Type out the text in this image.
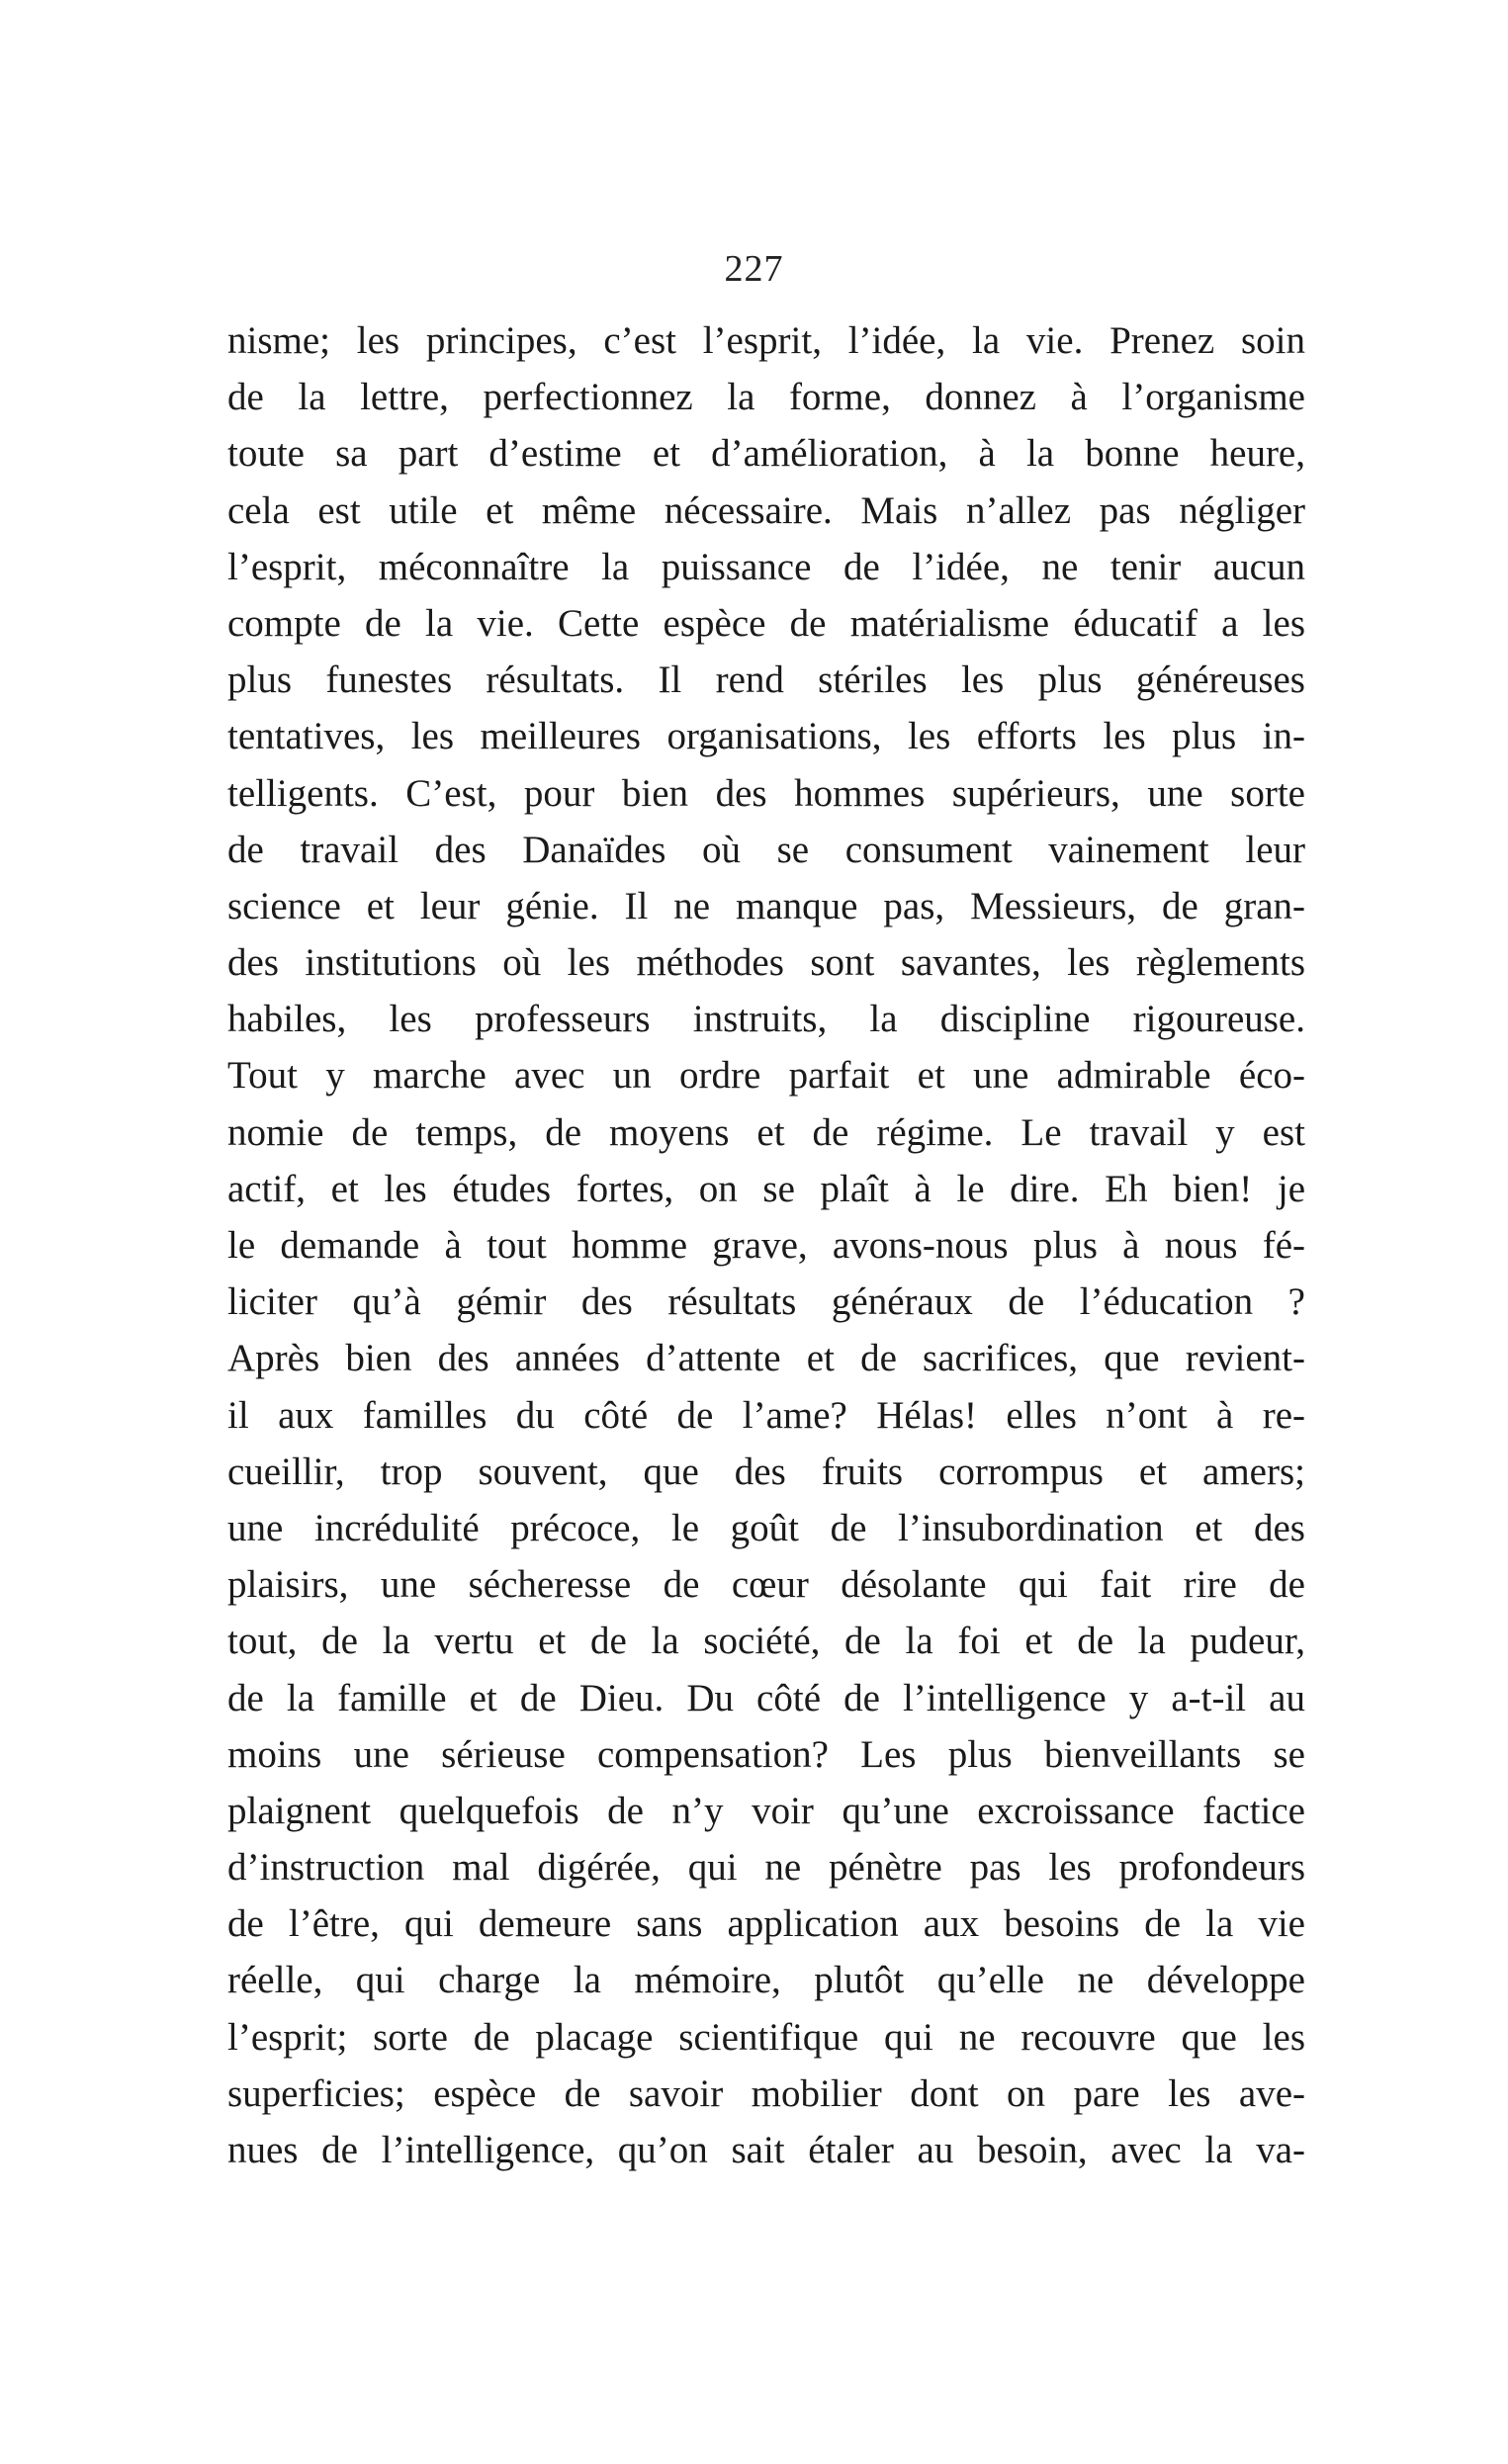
227
nisme; les principes, c’est l’esprit, l’idée, la vie. Prenez soin
de la lettre, perfectionnez la forme, donnez à l’organisme
toute sa part d’estime et d’amélioration, à la bonne heure,
cela est utile et même nécessaire. Mais n’allez pas négliger
l’esprit, méconnaître la puissance de l’idée, ne tenir aucun
compte de la vie. Cette espèce de matérialisme éducatif a les
plus funestes résultats. Il rend stériles les plus généreuses
tentatives, les meilleures organisations, les efforts les plus in-
telligents. C’est, pour bien des hommes supérieurs, une sorte
de travail des Danaïdes où se consument vainement leur
science et leur génie. Il ne manque pas, Messieurs, de gran-
des institutions où les méthodes sont savantes, les règlements
habiles, les professeurs instruits, la discipline rigoureuse.
Tout y marche avec un ordre parfait et une admirable éco-
nomie de temps, de moyens et de régime. Le travail y est
actif, et les études fortes, on se plaît à le dire. Eh bien! je
le demande à tout homme grave, avons-nous plus à nous fé-
liciter qu’à gémir des résultats généraux de l’éducation ?
Après bien des années d’attente et de sacrifices, que revient-
il aux familles du côté de l’ame? Hélas! elles n’ont à re-
cueillir, trop souvent, que des fruits corrompus et amers;
une incrédulité précoce, le goût de l’insubordination et des
plaisirs, une sécheresse de cœur désolante qui fait rire de
tout, de la vertu et de la société, de la foi et de la pudeur,
de la famille et de Dieu. Du côté de l’intelligence y a-t-il au
moins une sérieuse compensation? Les plus bienveillants se
plaignent quelquefois de n’y voir qu’une excroissance factice
d’instruction mal digérée, qui ne pénètre pas les profondeurs
de l’être, qui demeure sans application aux besoins de la vie
réelle, qui charge la mémoire, plutôt qu’elle ne développe
l’esprit; sorte de placage scientifique qui ne recouvre que les
superficies; espèce de savoir mobilier dont on pare les ave-
nues de l’intelligence, qu’on sait étaler au besoin, avec la va-
